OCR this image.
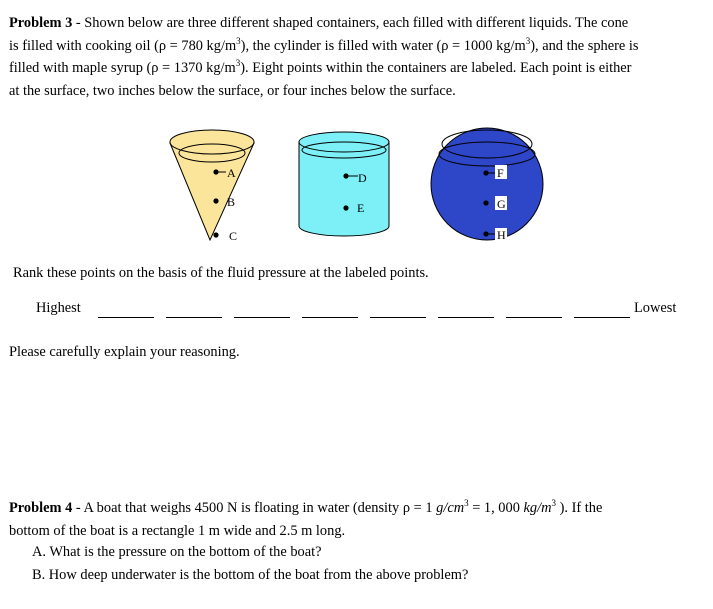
Problem 3 - Shown below are three different shaped containers, each filled with different liquids. The cone
is filled with cooking oil (ρ = 780 $kg/m^3$), the cylinder is filled with water (ρ = 1000 $kg/m^3$), and the sphere is
filled with maple syrup (ρ = 1370 $kg/m^3$). Eight points within the containers are labeled. Each point is either
at the surface, two inches below the surface, or four inches below the surface.
A
B
C
D
E
F
G
H
Rank these points on the basis of the fluid pressure at the labeled points.
Highest	Lowest
Please carefully explain your reasoning.
Problem 4 - A boat that weighs 4500 N is floating in water (density ρ = 1 $g/cm^3 = 1$, 000 $kg/m^3$ ). If the
bottom of the boat is a rectangle 1 m wide and 2.5 m long.
A. What is the pressure on the bottom of the boat?
B. How deep underwater is the bottom of the boat from the above problem?
